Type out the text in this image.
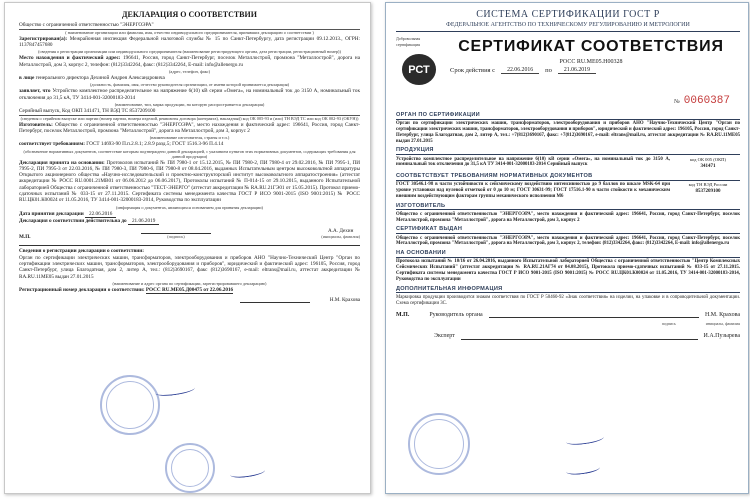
ДЕКЛАРАЦИЯ О СООТВЕТСТВИИ
Общество с ограниченной ответственностью "ЭНЕРГОЭРА"
( наименование организации или фамилия, имя, отчество индивидуального предпринимателя, принявших декларацию о соответствии )

Зарегистрирован(а): Межрайонная инспекция Федеральной налоговой службы № 15 по Санкт-Петербургу, дата регистрации 09.12.2013., ОГРН: 1137847457680

(сведения о регистрации организации или индивидуального предпринимателя (наименование регистрирующего органа, дата регистрации, регистрационный номер))

Место нахождения и фактический адрес: 196641, Россия, город Санкт-Петербург, поселок Металлострой, промзона "Металлострой", дорога на Металлострой, дом 3, корпус 2, телефон: (812)3342264, факс: (812)3342264, E-mail: info@allenergo.ru

(адрес, телефон, факс)

в лице генерального директора Дехиной Андрея Александровича

(должность, фамилия, имя, отчество руководителя организации, от имени которой принимается декларация)

заявляет, что Устройство комплектное распределительное на напряжение 6(10) кВ серии «Омега», на номинальный ток до 3150 А, номинальный ток отключения до 31,5 кА, ТУ 3414-001-32000183-2014

(наименование, тип, марка продукции, на которую распространяется декларация)
Серийный выпуск, Код ОКП 341471, ТН ВЭД ТС 8537209100
(сведения о серийном выпуске или партии (номер партии, номера изделий, реквизиты договора (контракта), накладная)) код ОК 005-93 и (или) ТН ВЭД ТС или код ОК 002-93 (ОКУН))

Изготовитель: Общество с ограниченной ответственностью "ЭНЕРГОЭРА", место нахождения и фактический адрес: 196641, Россия, город Санкт-Петербург, поселок Металлострой, промзона "Металлострой", дорога на Металлострой, дом 3, корпус 2

(наименование изготовителя, страны и т.п.)

соответствует требованиям: ГОСТ 14693-90 П.п.2.8.1; 2.8.9 разд.5; ГОСТ 1516.3-96 П.4.14

(обозначение нормативных документов, соответствие которым подтверждено данной декларацией, с указанием пунктов этих нормативных документов, содержащих требования для данной продукции)

Декларация принята на основании: Протоколов испытаний № ПИ 7980-1 от 15.12.2015, № ПИ 7980-2, ПИ 7980-4 от 29.02.2016, № ПИ 7995-1, ПИ 7995-2, ПИ 7995-3 от 22.03.2016, № ПИ 7980-3, ПИ 7980-6, ПИ 7980-8 от 08.04.2016, выданных Испытательным центром высоковольтной аппаратуры Открытого акционерного общества «Научно-исследовательский и проектно-конструкторский институт высоковольтного аппаратостроения» (аттестат аккредитации № РОСС RU.0001.21МВ01 от 06.06.2012 до 06.06.2017), Протоколы испытаний № П-014-15 от 29.10.2015, выданного Испытательной лабораторией Общества с ограниченной ответственностью "ТЕСТ-ЭНЕРГО" (аттестат аккредитации № RA.RU.21ГЭ01 от 15.05.2015). Протокол приемо-сдаточных испытаний № 033-15 от 27.11.2015. Сертификата системы менеджмента качества ГОСТ Р ИСО 9001-2015 (ISO 9001:2015) № РОСС RU.ЦК01.К00024 от 11.05.2016, ТУ 3414-001-32000183-2014, Руководства по эксплуатации

(информация о документах, являющихся основанием для принятия декларации)

Дата принятия декларации 22.06.2016

Декларация о соответствии действительна до 21.06.2019

М.П.	(подпись)
А.А. Дехин
(инициалы, фамилия)

Сведения о регистрации декларации о соответствии:

Орган по сертификации электрических машин, трансформаторов, электрооборудования и приборов АНО "Научно-Технический Центр "Орган по сертификации электрических машин, трансформаторов, электрооборудования и приборов", юридический и фактический адрес: 196105, Россия, город Санкт-Петербург, улица Благодатная, дом 2, литер А, тел.: (812)3690167, факс (812)3690167, e-mail: eltrans@mail.ru, аттестат аккредитации № RA.RU.11МЕ05 выдан 27.01.2015

(наименование и адрес органа по сертификации, зарегистрировавшего декларацию)

Регистрационный номер декларации о соответствии: РОСС RU.МЕ05.Д00475 от 22.06.2016

Н.М. Крахова
СИСТЕМА СЕРТИФИКАЦИИ ГОСТ Р
ФЕДЕРАЛЬНОЕ АГЕНТСТВО ПО ТЕХНИЧЕСКОМУ РЕГУЛИРОВАНИЮ И МЕТРОЛОГИИ
Добровольная сертификация
РСТ
СЕРТИФИКАТ СООТВЕТСТВИЯ
РОСС RU.МЕ05.Н00328
Срок действия с	22.06.2016	по	21.06.2019
№ 0060387
ОРГАН ПО СЕРТИФИКАЦИИ
Орган по сертификации электрических машин, трансформаторов, электрооборудования и приборов АНО "Научно-Технический Центр "Орган по сертификации электрических машин, трансформаторов, электрооборудования и приборов", юридический и фактический адрес: 196105, Россия, город Санкт-Петербург, улица Благодатная, дом 2, литер А, тел.: +7(812)3690167, факс: +7(812)3690167, e-mail: eltrans@mail.ru, аттестат аккредитации № RA.RU.11МЕ05 выдан 27.01.2015
ПРОДУКЦИЯ
Устройство комплектное распределительное на напряжение 6(10) кВ серии «Омега», на номинальный ток до 3150 А, номинальный ток отключения до 31,5 кА ТУ 3414-001-32000183-2014 Серийный выпуск
код ОК 005 (ОКП)
341471
СООТВЕТСТВУЕТ ТРЕБОВАНИЯМ НОРМАТИВНЫХ ДОКУМЕНТОВ
ГОСТ 30546.1-98 в части устойчивости к сейсмическому воздействию интенсивностью до 9 баллов по шкале MSK-64 при уровне установки над нулевой отметкой от 0 до 10 м; ГОСТ 30631-99; ГОСТ 17516.1-90 в части стойкости к механическим внешним воздействующим факторам группы механического исполнения М6
код ТН ВЭД России
8537209100
ИЗГОТОВИТЕЛЬ
Общество с ограниченной ответственностью "ЭНЕРГОЭРА", место нахождения и фактический адрес: 196641, Россия, город Санкт-Петербург, поселок Металлострой, промзона "Металлострой", дорога на Металлострой, дом 3, корпус 2
СЕРТИФИКАТ ВЫДАН
Общество с ограниченной ответственностью "ЭНЕРГОЭРА", место нахождения и фактический адрес: 196641, Россия, город Санкт-Петербург, поселок Металлострой, промзона "Металлострой", дорога на Металлострой, дом 3, корпус 2, телефон: (812)3342264, факс: (812)3342264, E-mail: info@allenergo.ru
НА ОСНОВАНИИ
Протокола испытаний № 10/16 от 26.04.2016, выданного Испытательной лабораторией Общества с ограниченной ответственностью "Центр Комплексных Сейсмических Испытаний" (аттестат аккредитации № RA.RU.21АГ74 от 04.08.2015), Протокола приемо-сдаточных испытаний № 033-15 от 27.11.2015. Сертификата системы менеджмента качества ГОСТ Р ИСО 9001-2015 (ISO 9001:2015) № РОСС RU.ЦК01.К00024 от 11.05.2016, ТУ 3414-001-32000183-2014, Руководства по эксплуатации
ДОПОЛНИТЕЛЬНАЯ ИНФОРМАЦИЯ
Маркировка продукции производится знаком соответствия по ГОСТ Р 50460-92 «Знак соответствия» на изделии, на упаковке и в сопроводительной документации. Схема сертификации 3С.
М.П.	Руководитель органа	Н.М. Крахова
подпись	инициалы, фамилия
Эксперт	И.А.Пузырева
